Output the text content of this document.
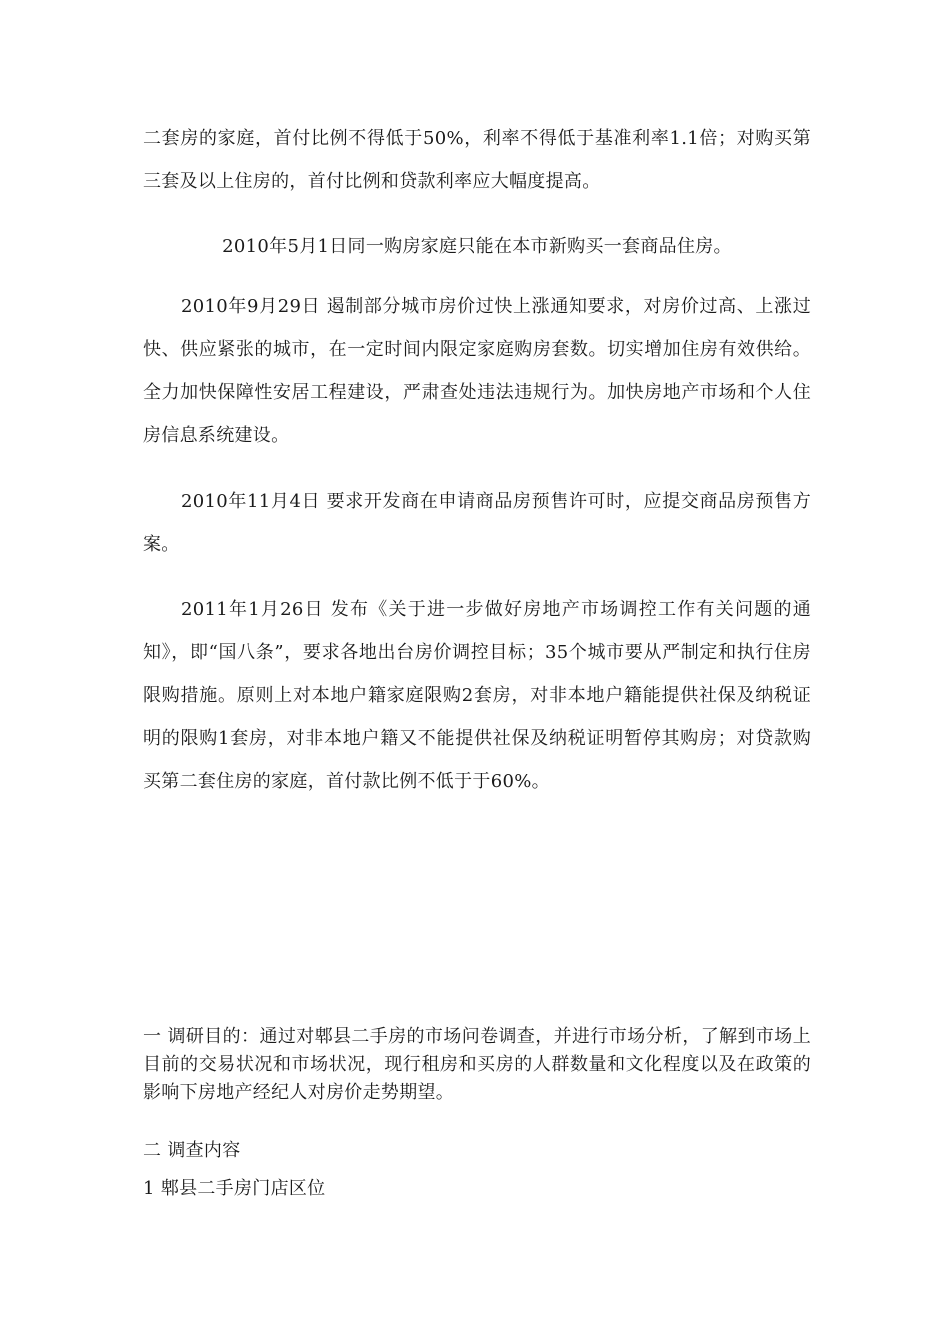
二套房的家庭，首付比例不得低于50%，利率不得低于基准利率1.1倍；对购买第三套及以上住房的，首付比例和贷款利率应大幅度提高。

2010年5月1日同一购房家庭只能在本市新购买一套商品住房。

2010年9月29日 遏制部分城市房价过快上涨通知要求，对房价过高、上涨过快、供应紧张的城市，在一定时间内限定家庭购房套数。切实增加住房有效供给。全力加快保障性安居工程建设，严肃查处违法违规行为。加快房地产市场和个人住房信息系统建设。

2010年11月4日 要求开发商在申请商品房预售许可时，应提交商品房预售方案。

2011年1月26日 发布《关于进一步做好房地产市场调控工作有关问题的通知》，即“国八条”，要求各地出台房价调控目标；35个城市要从严制定和执行住房限购措施。原则上对本地户籍家庭限购2套房，对非本地户籍能提供社保及纳税证明的限购1套房，对非本地户籍又不能提供社保及纳税证明暂停其购房；对贷款购买第二套住房的家庭，首付款比例不低于于60%。

一 调研目的：通过对郫县二手房的市场问卷调查，并进行市场分析，了解到市场上目前的交易状况和市场状况，现行租房和买房的人群数量和文化程度以及在政策的影响下房地产经纪人对房价走势期望。

二 调查内容

1 郫县二手房门店区位
